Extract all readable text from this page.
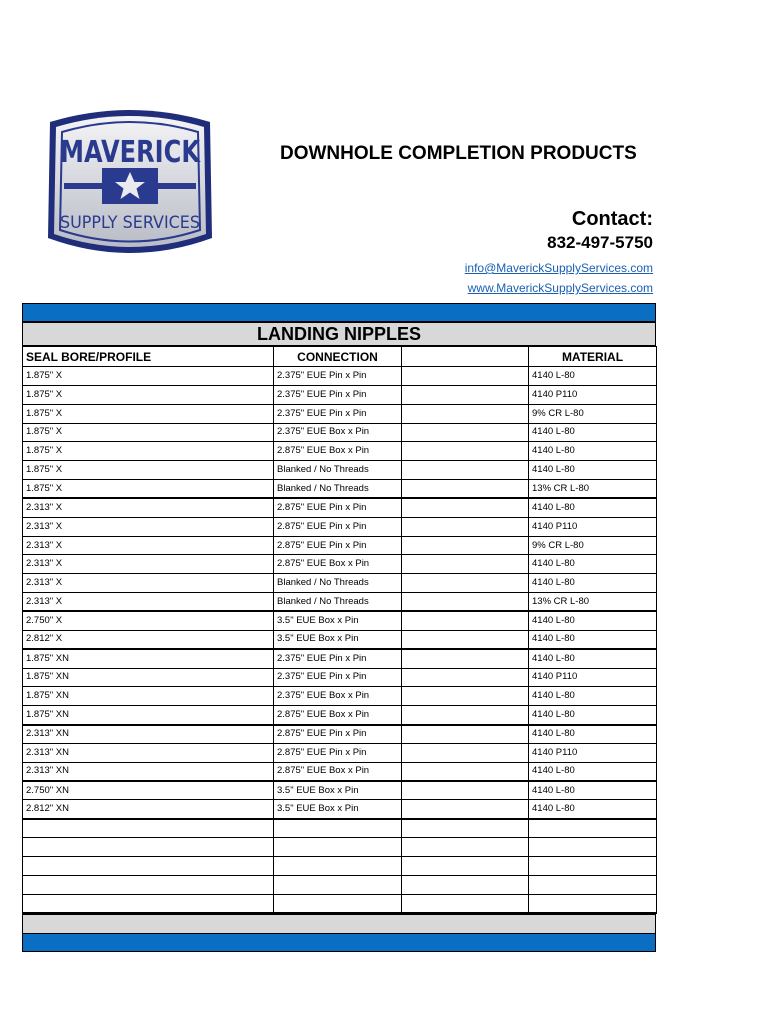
MAVERICK
SUPPLY SERVICES
DOWNHOLE COMPLETION PRODUCTS
Contact:
832-497-5750
info@MaverickSupplyServices.com
www.MaverickSupplyServices.com
LANDING NIPPLES
SEAL BORE/PROFILE	CONNECTION		MATERIAL
1.875" X	2.375" EUE Pin x Pin		4140 L-80
1.875" X	2.375" EUE Pin x Pin		4140 P110
1.875" X	2.375" EUE Pin x Pin		9% CR L-80
1.875" X	2.375" EUE Box x Pin		4140 L-80
1.875" X	2.875" EUE Box x Pin		4140 L-80
1.875" X	Blanked / No Threads		4140 L-80
1.875" X	Blanked / No Threads		13% CR L-80
2.313" X	2.875" EUE Pin x Pin		4140 L-80
2.313" X	2.875" EUE Pin x Pin		4140 P110
2.313" X	2.875" EUE Pin x Pin		9% CR L-80
2.313" X	2.875" EUE Box x Pin		4140 L-80
2.313" X	Blanked / No Threads		4140 L-80
2.313" X	Blanked / No Threads		13% CR L-80
2.750" X	3.5" EUE Box x Pin		4140 L-80
2.812" X	3.5" EUE Box x Pin		4140 L-80
1.875" XN	2.375" EUE Pin x Pin		4140 L-80
1.875" XN	2.375" EUE Pin x Pin		4140 P110
1.875" XN	2.375" EUE Box x Pin		4140 L-80
1.875" XN	2.875" EUE Box x Pin		4140 L-80
2.313" XN	2.875" EUE Pin x Pin		4140 L-80
2.313" XN	2.875" EUE Pin x Pin		4140 P110
2.313" XN	2.875" EUE Box x Pin		4140 L-80
2.750" XN	3.5" EUE Box x Pin		4140 L-80
2.812" XN	3.5" EUE Box x Pin		4140 L-80
